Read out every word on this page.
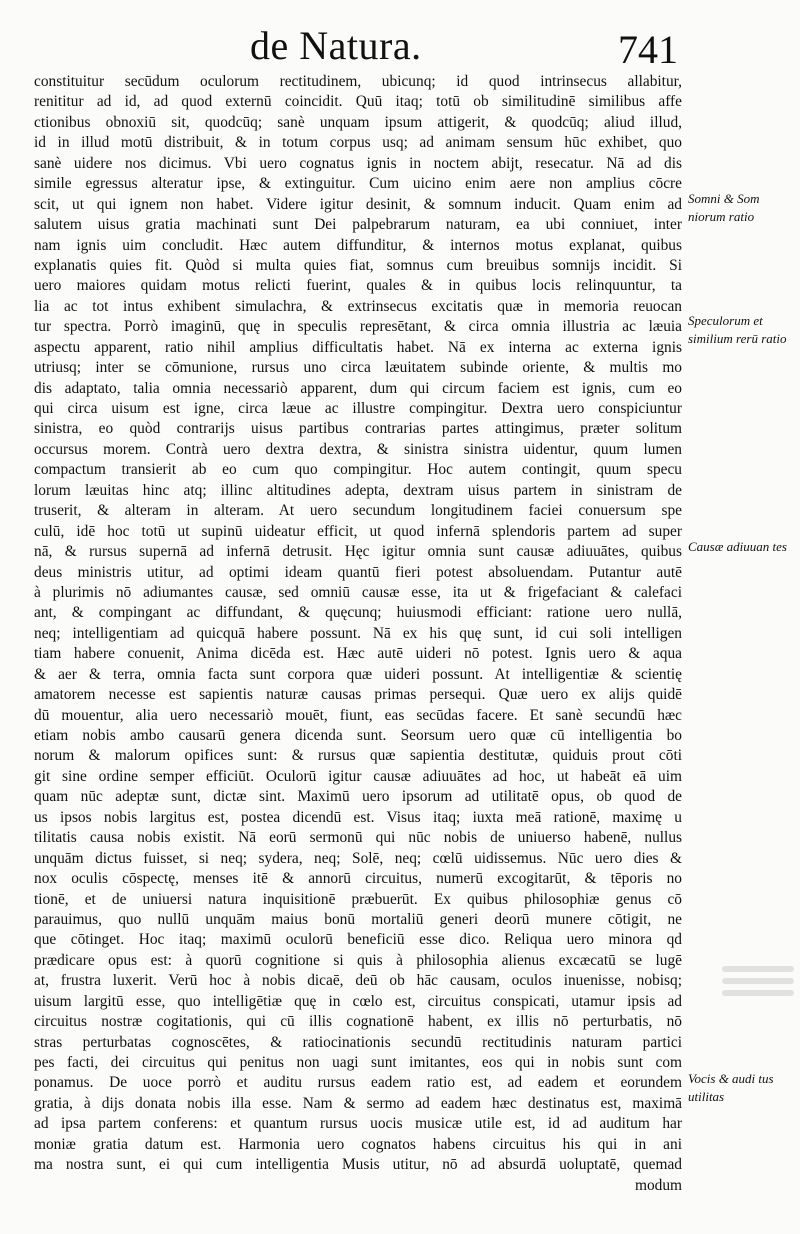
de Natura.	741
constituitur secūdum oculorum rectitudinem, ubicunq; id quod intrinsecus allabitur,
renititur ad id, ad quod externū coincidit. Quū itaq; totū ob similitudinē similibus affe
ctionibus obnoxiū sit, quodcūq; sanè unquam ipsum attigerit, & quodcūq; aliud illud,
id in illud motū distribuit, & in totum corpus usq; ad animam sensum hūc exhibet, quo
sanè uidere nos dicimus. Vbi uero cognatus ignis in noctem abijt, resecatur. Nā ad dis
simile egressus alteratur ipse, & extinguitur. Cum uicino enim aere non amplius cōcre
scit, ut qui ignem non habet. Videre igitur desinit, & somnum inducit. Quam enim ad
salutem uisus gratia machinati sunt Dei palpebrarum naturam, ea ubi conniuet, inter
nam ignis uim concludit. Hæc autem diffunditur, & internos motus explanat, quibus
explanatis quies fit. Quòd si multa quies fiat, somnus cum breuibus somnijs incidit. Si
uero maiores quidam motus relicti fuerint, quales & in quibus locis relinquuntur, ta
lia ac tot intus exhibent simulachra, & extrinsecus excitatis quæ in memoria reuocan
tur spectra. Porrò imaginū, quę in speculis represētant, & circa omnia illustria ac læuia
aspectu apparent, ratio nihil amplius difficultatis habet. Nā ex interna ac externa ignis
utriusq; inter se cōmunione, rursus uno circa læuitatem subinde oriente, & multis mo
dis adaptato, talia omnia necessariò apparent, dum qui circum faciem est ignis, cum eo
qui circa uisum est igne, circa læue ac illustre compingitur. Dextra uero conspiciuntur
sinistra, eo quòd contrarijs uisus partibus contrarias partes attingimus, præter solitum
occursus morem. Contrà uero dextra dextra, & sinistra sinistra uidentur, quum lumen
compactum transierit ab eo cum quo compingitur. Hoc autem contingit, quum specu
lorum læuitas hinc atq; illinc altitudines adepta, dextram uisus partem in sinistram de
truserit, & alteram in alteram. At uero secundum longitudinem faciei conuersum spe
culū, idē hoc totū ut supinū uideatur efficit, ut quod infernā splendoris partem ad super
nā, & rursus supernā ad infernā detrusit. Hęc igitur omnia sunt causæ adiuuātes, quibus
deus ministris utitur, ad optimi ideam quantū fieri potest absoluendam. Putantur autē
à plurimis nō adiumantes causæ, sed omniū causæ esse, ita ut & frigefaciant & calefaci
ant, & compingant ac diffundant, & quęcunq; huiusmodi efficiant: ratione uero nullā,
neq; intelligentiam ad quicquā habere possunt. Nā ex his quę sunt, id cui soli intelligen
tiam habere conuenit, Anima dicēda est. Hæc autē uideri nō potest. Ignis uero & aqua
& aer & terra, omnia facta sunt corpora quæ uideri possunt. At intelligentiæ & scientię
amatorem necesse est sapientis naturæ causas primas persequi. Quæ uero ex alijs quidē
dū mouentur, alia uero necessariò mouēt, fiunt, eas secūdas facere. Et sanè secundū hæc
etiam nobis ambo causarū genera dicenda sunt. Seorsum uero quæ cū intelligentia bo
norum & malorum opifices sunt: & rursus quæ sapientia destitutæ, quiduis prout cōti
git sine ordine semper efficiūt. Oculorū igitur causæ adiuuātes ad hoc, ut habeāt eā uim
quam nūc adeptæ sunt, dictæ sint. Maximū uero ipsorum ad utilitatē opus, ob quod de
us ipsos nobis largitus est, postea dicendū est. Visus itaq; iuxta meā rationē, maximę u
tilitatis causa nobis existit. Nā eorū sermonū qui nūc nobis de uniuerso habenē, nullus
unquām dictus fuisset, si neq; sydera, neq; Solē, neq; cœlū uidissemus. Nūc uero dies &
nox oculis cōspectę, menses itē & annorū circuitus, numerū excogitarūt, & tēporis no
tionē, et de uniuersi natura inquisitionē præbuerūt. Ex quibus philosophiæ genus cō
parauimus, quo nullū unquām maius bonū mortaliū generi deorū munere cōtigit, ne
que cōtinget. Hoc itaq; maximū oculorū beneficiū esse dico. Reliqua uero minora qd
prædicare opus est: à quorū cognitione si quis à philosophia alienus excæcatū se lugē
at, frustra luxerit. Verū hoc à nobis dicaē, deū ob hāc causam, oculos inuenisse, nobisq;
uisum largitū esse, quo intelligētiæ quę in cœlo est, circuitus conspicati, utamur ipsis ad
circuitus nostræ cogitationis, qui cū illis cognationē habent, ex illis nō perturbatis, nō
stras perturbatas cognoscētes, & ratiocinationis secundū rectitudinis naturam partici
pes facti, dei circuitus qui penitus non uagi sunt imitantes, eos qui in nobis sunt com
ponamus. De uoce porrò et auditu rursus eadem ratio est, ad eadem et eorundem
gratia, à dijs donata nobis illa esse. Nam & sermo ad eadem hæc destinatus est, maximā
ad ipsa partem conferens: et quantum rursus uocis musicæ utile est, id ad auditum har
moniæ gratia datum est. Harmonia uero cognatos habens circuitus his qui in ani
ma nostra sunt, ei qui cum intelligentia Musis utitur, nō ad absurdā uoluptatē, quemad
modum
Somni & Som niorum ratio
Speculorum et similium rerū ratio
Causæ adiuuan tes
Vocis & audi tus utilitas
